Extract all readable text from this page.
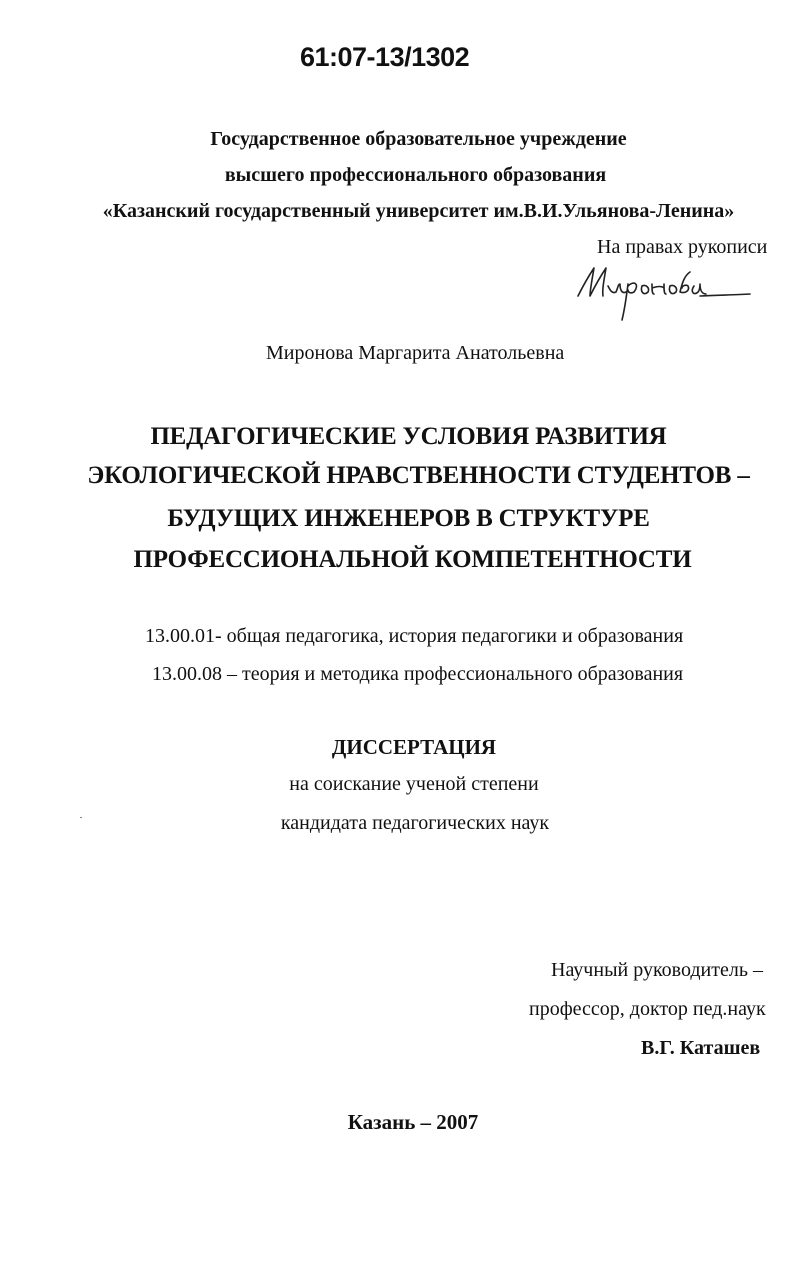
61:07-13/1302
Государственное образовательное учреждение
высшего профессионального образования
«Казанский государственный университет им.В.И.Ульянова-Ленина»
На правах рукописи
Миронова Маргарита Анатольевна
ПЕДАГОГИЧЕСКИЕ УСЛОВИЯ РАЗВИТИЯ
ЭКОЛОГИЧЕСКОЙ НРАВСТВЕННОСТИ СТУДЕНТОВ –
БУДУЩИХ ИНЖЕНЕРОВ В СТРУКТУРЕ
ПРОФЕССИОНАЛЬНОЙ КОМПЕТЕНТНОСТИ
13.00.01- общая педагогика, история педагогики и образования
13.00.08 – теория и методика профессионального образования
ДИССЕРТАЦИЯ
на соискание ученой степени
кандидата педагогических наук
Научный руководитель –
профессор, доктор пед.наук
В.Г. Каташев
Казань – 2007
